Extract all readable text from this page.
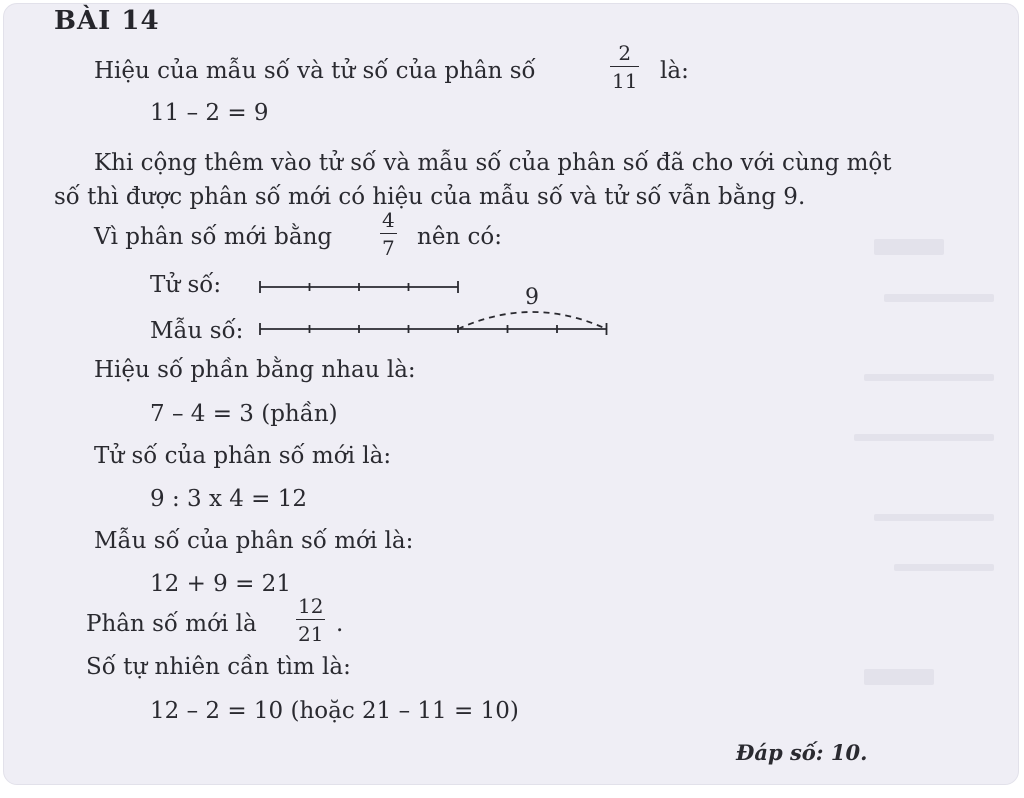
BÀI 14
Hiệu của mẫu số và tử số của phân số
2
11 là:
11 – 2 = 9
Khi cộng thêm vào tử số và mẫu số của phân số đã cho với cùng một
số thì được phân số mới có hiệu của mẫu số và tử số vẫn bằng 9.
Vì phân số mới bằng
4
7 nên có:
Tử số:
Mẫu số:
9
Hiệu số phần bằng nhau là:
7 – 4 = 3 (phần)
Tử số của phân số mới là:
9 : 3 x 4 = 12
Mẫu số của phân số mới là:
12 + 9 = 21
Phân số mới là
12
21 .
Số tự nhiên cần tìm là:
12 – 2 = 10 (hoặc 21 – 11 = 10)
Đáp số: 10.
